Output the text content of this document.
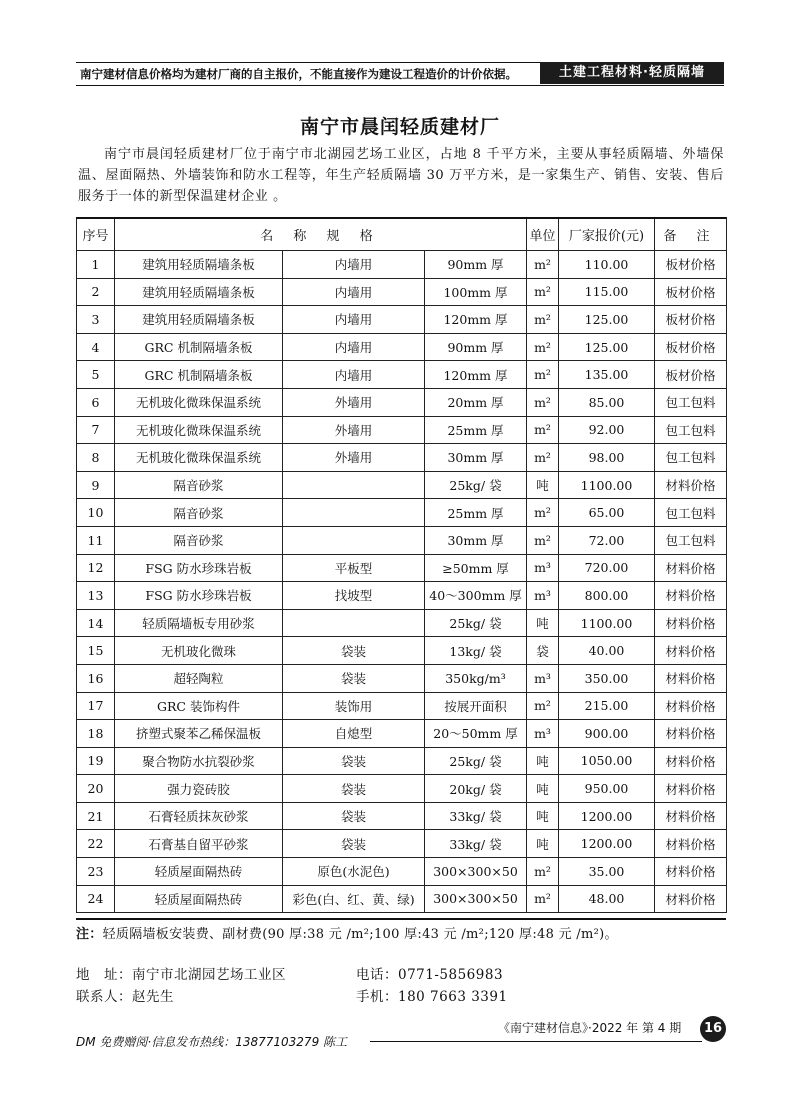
南宁建材信息价格均为建材厂商的自主报价，不能直接作为建设工程造价的计价依据。	土建工程材料·轻质隔墙
南宁市晨闰轻质建材厂
南宁市晨闰轻质建材厂位于南宁市北湖园艺场工业区，占地 8 千平方米，主要从事轻质隔墙、外墙保温、屋面隔热、外墙装饰和防水工程等，年生产轻质隔墙 30 万平方米，是一家集生产、销售、安装、售后服务于一体的新型保温建材企业 。
序号	名 称 规 格			单位	厂家报价(元)	备 注
1	建筑用轻质隔墙条板	内墙用	90mm 厚	m²	110.00	板材价格
2	建筑用轻质隔墙条板	内墙用	100mm 厚	m²	115.00	板材价格
3	建筑用轻质隔墙条板	内墙用	120mm 厚	m²	125.00	板材价格
4	GRC 机制隔墙条板	内墙用	90mm 厚	m²	125.00	板材价格
5	GRC 机制隔墙条板	内墙用	120mm 厚	m²	135.00	板材价格
6	无机玻化微珠保温系统	外墙用	20mm 厚	m²	85.00	包工包料
7	无机玻化微珠保温系统	外墙用	25mm 厚	m²	92.00	包工包料
8	无机玻化微珠保温系统	外墙用	30mm 厚	m²	98.00	包工包料
9	隔音砂浆		25kg/ 袋	吨	1100.00	材料价格
10	隔音砂浆		25mm 厚	m²	65.00	包工包料
11	隔音砂浆		30mm 厚	m²	72.00	包工包料
12	FSG 防水珍珠岩板	平板型	≥50mm 厚	m³	720.00	材料价格
13	FSG 防水珍珠岩板	找坡型	40～300mm 厚	m³	800.00	材料价格
14	轻质隔墙板专用砂浆		25kg/ 袋	吨	1100.00	材料价格
15	无机玻化微珠	袋装	13kg/ 袋	袋	40.00	材料价格
16	超轻陶粒	袋装	350kg/m³	m³	350.00	材料价格
17	GRC 装饰构件	装饰用	按展开面积	m²	215.00	材料价格
18	挤塑式聚苯乙稀保温板	自熄型	20～50mm 厚	m³	900.00	材料价格
19	聚合物防水抗裂砂浆	袋装	25kg/ 袋	吨	1050.00	材料价格
20	强力瓷砖胶	袋装	20kg/ 袋	吨	950.00	材料价格
21	石膏轻质抹灰砂浆	袋装	33kg/ 袋	吨	1200.00	材料价格
22	石膏基自留平砂浆	袋装	33kg/ 袋	吨	1200.00	材料价格
23	轻质屋面隔热砖	原色(水泥色)	300×300×50	m²	35.00	材料价格
24	轻质屋面隔热砖	彩色(白、红、黄、绿)	300×300×50	m²	48.00	材料价格
注：轻质隔墙板安装费、副材费(90 厚:38 元 /m²;100 厚:43 元 /m²;120 厚:48 元 /m²)。
地　址：南宁市北湖园艺场工业区	电话：0771-5856983
联系人：赵先生	手机：180 7663 3391
DM 免费赠阅·信息发布热线：13877103279 陈工
《南宁建材信息》·2022 年 第 4 期	16
